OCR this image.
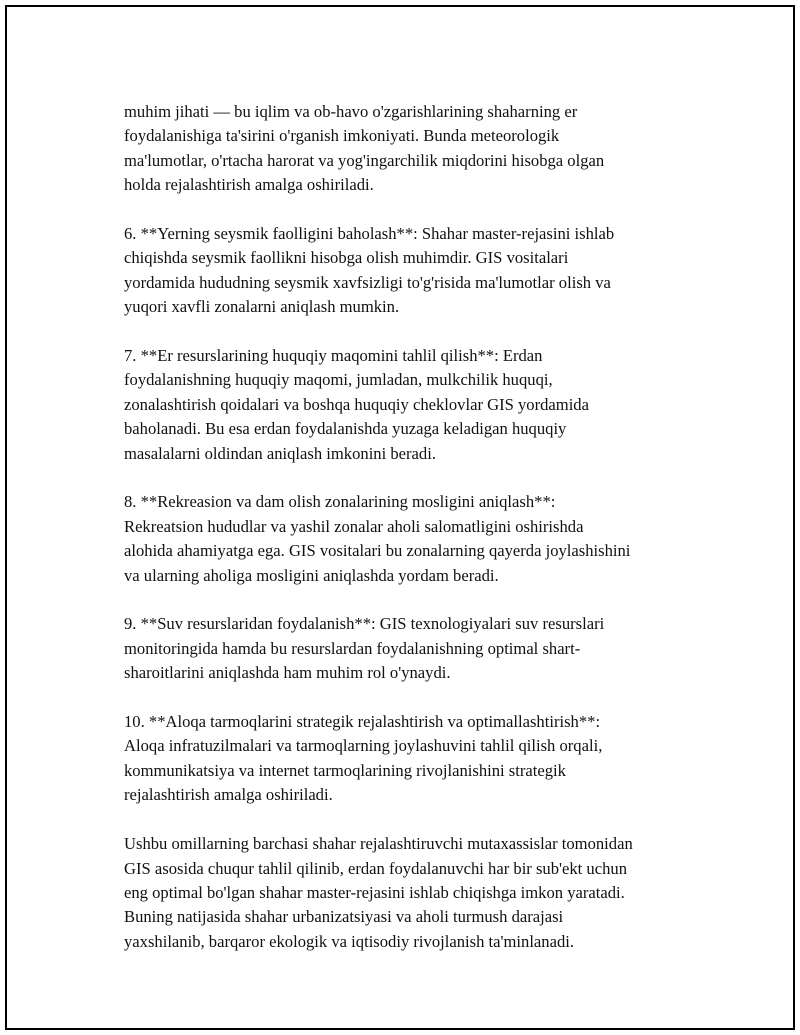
muhim jihati — bu iqlim va ob-havo o'zgarishlarining shaharning er
foydalanishiga ta'sirini o'rganish imkoniyati. Bunda meteorologik
ma'lumotlar, o'rtacha harorat va yog'ingarchilik miqdorini hisobga olgan
holda rejalashtirish amalga oshiriladi.

6. **Yerning seysmik faolligini baholash**: Shahar master-rejasini ishlab
chiqishda seysmik faollikni hisobga olish muhimdir. GIS vositalari
yordamida hududning seysmik xavfsizligi to'g'risida ma'lumotlar olish va
yuqori xavfli zonalarni aniqlash mumkin.

7. **Er resurslarining huquqiy maqomini tahlil qilish**: Erdan
foydalanishning huquqiy maqomi, jumladan, mulkchilik huquqi,
zonalashtirish qoidalari va boshqa huquqiy cheklovlar GIS yordamida
baholanadi. Bu esa erdan foydalanishda yuzaga keladigan huquqiy
masalalarni oldindan aniqlash imkonini beradi.

8. **Rekreasion va dam olish zonalarining mosligini aniqlash**:
Rekreatsion hududlar va yashil zonalar aholi salomatligini oshirishda
alohida ahamiyatga ega. GIS vositalari bu zonalarning qayerda joylashishini
va ularning aholiga mosligini aniqlashda yordam beradi.

9. **Suv resurslaridan foydalanish**: GIS texnologiyalari suv resurslari
monitoringida hamda bu resurslardan foydalanishning optimal shart-
sharoitlarini aniqlashda ham muhim rol o'ynaydi.

10. **Aloqa tarmoqlarini strategik rejalashtirish va optimallashtirish**:
Aloqa infratuzilmalari va tarmoqlarning joylashuvini tahlil qilish orqali,
kommunikatsiya va internet tarmoqlarining rivojlanishini strategik
rejalashtirish amalga oshiriladi.

Ushbu omillarning barchasi shahar rejalashtiruvchi mutaxassislar tomonidan
GIS asosida chuqur tahlil qilinib, erdan foydalanuvchi har bir sub'ekt uchun
eng optimal bo'lgan shahar master-rejasini ishlab chiqishga imkon yaratadi.
Buning natijasida shahar urbanizatsiyasi va aholi turmush darajasi
yaxshilanib, barqaror ekologik va iqtisodiy rivojlanish ta'minlanadi.
